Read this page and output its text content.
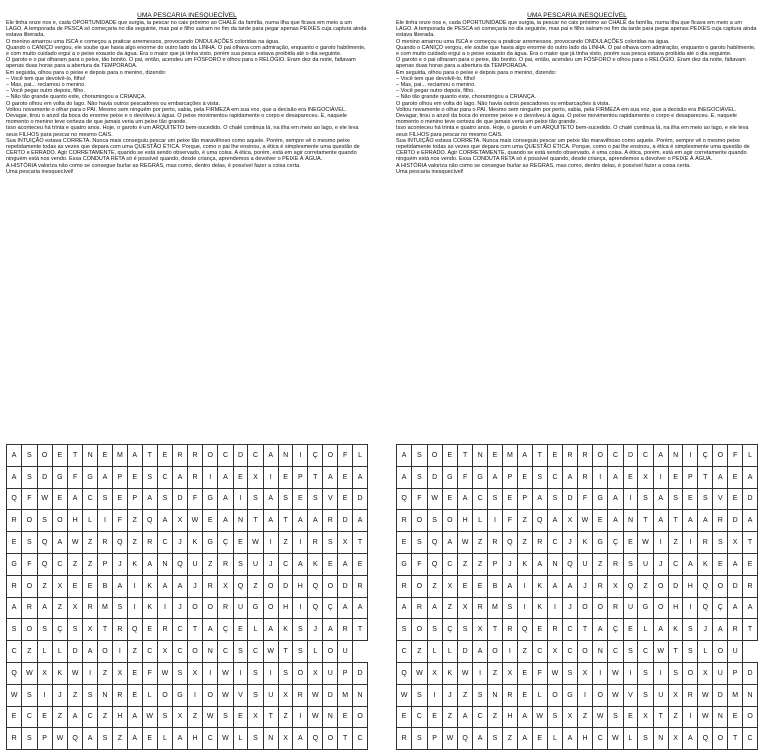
UMA PESCARIA INESQUECÍVEL

Ele tinha onze nos e, cada OPORTUNIDADE que surgia, ia pescar no cais próximo ao CHALÉ da família, numa ilha que ficava em meio a um LAGO. A temporada de PESCA só começaria no dia seguinte, mas pai e filho saíram no fim da tarde para pegar apenas PEIXES cuja captura ainda estava liberada.

O menino amarrou uma ISCA e começou a praticar arremessos, provocando ONDULAÇÕES coloridas na água.

Quando o CANIÇO vergou, ele soube que havia algo enorme do outro lado da LINHA. O pai olhava com admiração, enquanto o garoto habilmente, e com muito cuidado ergui a o peixe exausto da água. Era o maior que já tinha visto, porém sua pesca estava proibida até o dia seguinte.

O garoto e o pai olharam para o peixe, tão bonito. O pai, então, acendeu um FÓSFORO e olhou para o RELÓGIO. Eram dez da noite, faltavam apenas duas horas para a abertura da TEMPORADA.

Em seguida, olhou para o peixe e depois para o menino, dizendo:

– Você tem que devolvê-lo, filho!

– Mas, pai... reclamou o menino.

– Você pegar outro depois, filho.

– Não tão grande quanto este, choramingou a CRIANÇA.

O garoto olhou em volta do lago. Não havia outros pescadores ou embarcações à vista.

Voltou novamente o olhar para o PAI. Mesmo sem ninguém por perto, sabia, pela FIRMEZA em sua voz, que a decisão era INEGOCIÁVEL.

Devagar, tirou o anzol da boca do enorme peixe e o devolveu à água. O peixe movimentou rapidamente o corpo e desapareceu. E, naquele momento o menino teve certeza de que jamais veria um peixe tão grande.

Isso aconteceu há trinta e quatro anos. Hoje, o garoto é um ARQUITETO bem-sucedido. O chalé continua lá, na ilha em meio ao lago, e ele leva seus FILHOS para pescar no mesmo CAIS.

Sua INTUIÇÃO estava CORRETA. Nunca mais conseguiu pescar um peixe tão maravilhoso como aquele. Porém, sempre vê o mesmo peixe repetidamente todas as vezes que depara com uma QUESTÃO ÉTICA. Porque, como o pai lhe ensinou, a ética é simplesmente uma questão de CERTO e ERRADO. Agir CORRETAMENTE, quando se está sendo observado, é uma coisa. A ética, porém, está em agir corretamente quando ninguém está nos vendo. Essa CONDUTA RETA só é possível quando, desde criança, aprendemos a devolver o PEIXE À ÁGUA.

A HISTÓRIA valoriza não como se consegue burlar as REGRAS, mas como, dentro delas, é possível fazer a coisa certa.

Uma pescaria inesquecível!

A	S	O	E	T	N	E	M	A	T	E	R	R	O	C	D	C	A	N	I	Ç	O	F	L
A	S	D	G	F	G	A	P	E	S	C	A	R	I	A	E	X	I	E	P	T	A	E	A
Q	F	W	E	A	C	S	E	P	A	S	D	F	G	A	I	S	A	S	E	S	V	E	D
R	O	S	O	H	L	I	F	Z	Q	A	X	W	E	A	N	T	A	T	A	A	R	D	A
E	S	Q	A	W	Z	R	Q	Z	R	C	J	K	G	Ç	E	W	I	Z	I	R	S	X	T
G	F	Q	C	Z	Z	P	J	K	A	N	Q	U	Z	R	S	U	J	C	A	K	E	A	E
R	O	Z	X	E	E	B	A	I	K	A	A	J	R	X	Q	Z	O	D	H	Q	O	D	R
A	R	A	Z	X	R	M	S	I	K	I	J	O	O	R	U	G	O	H	I	Q	Ç	A	A
S	O	S	Ç	S	X	T	R	Q	E	R	C	T	A	Ç	E	L	A	K	S	J	A	R	T
C	Z	L	L	D	A	O	I	Z	C	X	C	O	N	C	S	C	W	T	S	L	O	U	
Q	W	X	K	W	I	Z	X	E	F	W	S	X	I	W	I	S	I	S	O	X	U	P	D
W	S	I	J	Z	S	N	R	E	L	O	G	I	O	W	V	S	U	X	R	W	D	M	N
E	C	E	Z	A	C	Z	H	A	W	S	X	Z	W	S	E	X	T	Z	I	W	N	E	O
R	S	P	W	Q	A	S	Z	A	E	L	A	H	C	W	L	S	N	X	A	Q	O	T	C
UMA PESCARIA INESQUECÍVEL

Ele tinha onze nos e, cada OPORTUNIDADE que surgia, ia pescar no cais próximo ao CHALÉ da família, numa ilha que ficava em meio a um LAGO. A temporada de PESCA só começaria no dia seguinte, mas pai e filho saíram no fim da tarde para pegar apenas PEIXES cuja captura ainda estava liberada.

O menino amarrou uma ISCA e começou a praticar arremessos, provocando ONDULAÇÕES coloridas na água.

Quando o CANIÇO vergou, ele soube que havia algo enorme do outro lado da LINHA. O pai olhava com admiração, enquanto o garoto habilmente, e com muito cuidado ergui a o peixe exausto da água. Era o maior que já tinha visto, porém sua pesca estava proibida até o dia seguinte.

O garoto e o pai olharam para o peixe, tão bonito. O pai, então, acendeu um FÓSFORO e olhou para o RELÓGIO. Eram dez da noite, faltavam apenas duas horas para a abertura da TEMPORADA.

Em seguida, olhou para o peixe e depois para o menino, dizendo:

– Você tem que devolvê-lo, filho!

– Mas, pai... reclamou o menino.

– Você pegar outro depois, filho.

– Não tão grande quanto este, choramingou a CRIANÇA.

O garoto olhou em volta do lago. Não havia outros pescadores ou embarcações à vista.

Voltou novamente o olhar para o PAI. Mesmo sem ninguém por perto, sabia, pela FIRMEZA em sua voz, que a decisão era INEGOCIÁVEL.

Devagar, tirou o anzol da boca do enorme peixe e o devolveu à água. O peixe movimentou rapidamente o corpo e desapareceu. E, naquele momento o menino teve certeza de que jamais veria um peixe tão grande.

Isso aconteceu há trinta e quatro anos. Hoje, o garoto é um ARQUITETO bem-sucedido. O chalé continua lá, na ilha em meio ao lago, e ele leva seus FILHOS para pescar no mesmo CAIS.

Sua INTUIÇÃO estava CORRETA. Nunca mais conseguiu pescar um peixe tão maravilhoso como aquele. Porém, sempre vê o mesmo peixe repetidamente todas as vezes que depara com uma QUESTÃO ÉTICA. Porque, como o pai lhe ensinou, a ética é simplesmente uma questão de CERTO e ERRADO. Agir CORRETAMENTE, quando se está sendo observado, é uma coisa. A ética, porém, está em agir corretamente quando ninguém está nos vendo. Essa CONDUTA RETA só é possível quando, desde criança, aprendemos a devolver o PEIXE À ÁGUA.

A HISTÓRIA valoriza não como se consegue burlar as REGRAS, mas como, dentro delas, é possível fazer a coisa certa.

Uma pescaria inesquecível!

A	S	O	E	T	N	E	M	A	T	E	R	R	O	C	D	C	A	N	I	Ç	O	F	L
A	S	D	G	F	G	A	P	E	S	C	A	R	I	A	E	X	I	E	P	T	A	E	A
Q	F	W	E	A	C	S	E	P	A	S	D	F	G	A	I	S	A	S	E	S	V	E	D
R	O	S	O	H	L	I	F	Z	Q	A	X	W	E	A	N	T	A	T	A	A	R	D	A
E	S	Q	A	W	Z	R	Q	Z	R	C	J	K	G	Ç	E	W	I	Z	I	R	S	X	T
G	F	Q	C	Z	Z	P	J	K	A	N	Q	U	Z	R	S	U	J	C	A	K	E	A	E
R	O	Z	X	E	E	B	A	I	K	A	A	J	R	X	Q	Z	O	D	H	Q	O	D	R
A	R	A	Z	X	R	M	S	I	K	I	J	O	O	R	U	G	O	H	I	Q	Ç	A	A
S	O	S	Ç	S	X	T	R	Q	E	R	C	T	A	Ç	E	L	A	K	S	J	A	R	T
C	Z	L	L	D	A	O	I	Z	C	X	C	O	N	C	S	C	W	T	S	L	O	U	
Q	W	X	K	W	I	Z	X	E	F	W	S	X	I	W	I	S	I	S	O	X	U	P	D
W	S	I	J	Z	S	N	R	E	L	O	G	I	O	W	V	S	U	X	R	W	D	M	N
E	C	E	Z	A	C	Z	H	A	W	S	X	Z	W	S	E	X	T	Z	I	W	N	E	O
R	S	P	W	Q	A	S	Z	A	E	L	A	H	C	W	L	S	N	X	A	Q	O	T	C
